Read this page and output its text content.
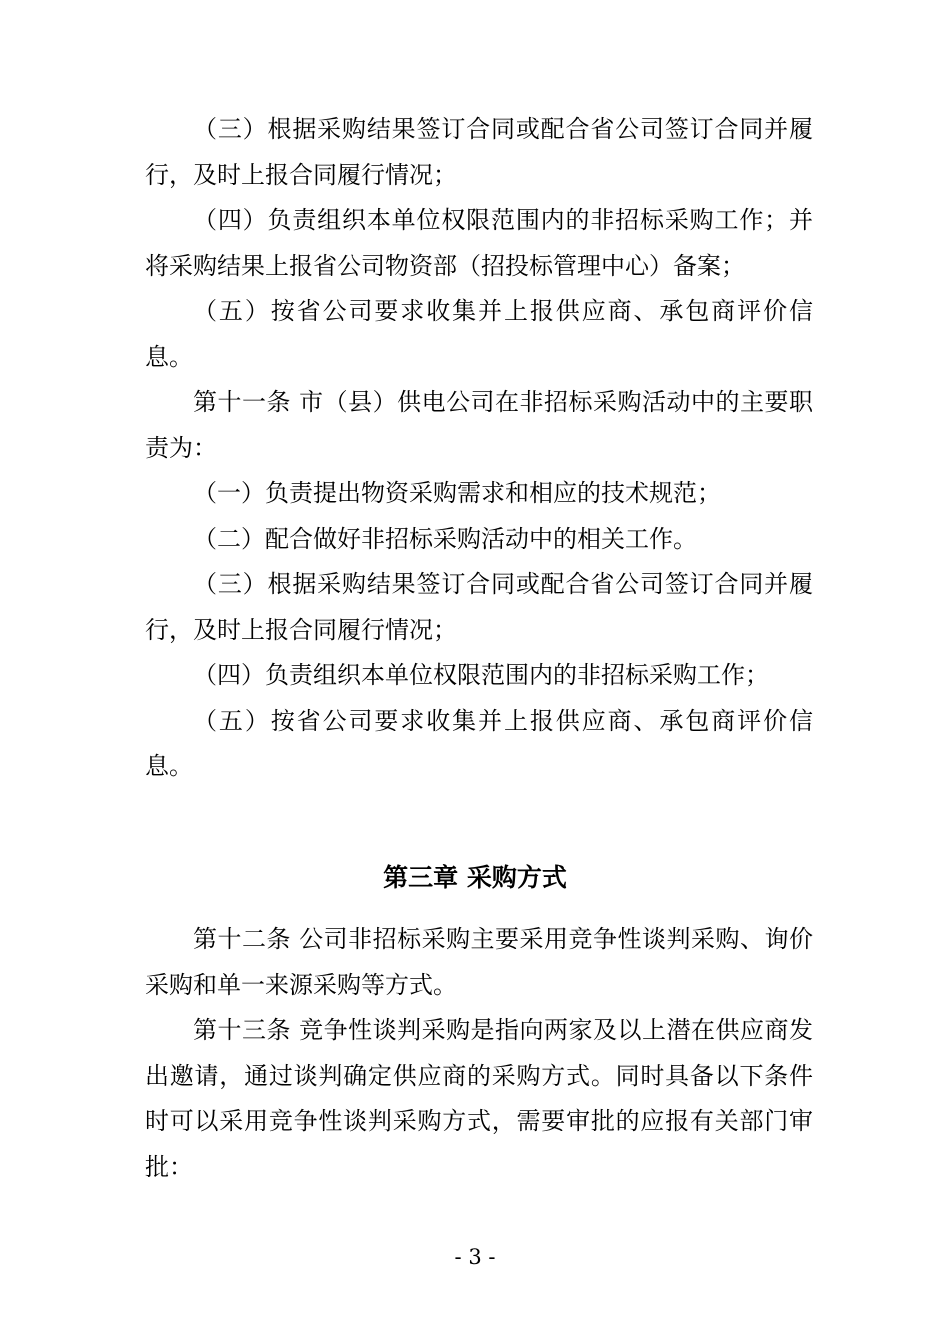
（三）根据采购结果签订合同或配合省公司签订合同并履行，及时上报合同履行情况；

（四）负责组织本单位权限范围内的非招标采购工作；并将采购结果上报省公司物资部（招投标管理中心）备案；

（五）按省公司要求收集并上报供应商、承包商评价信息。

第十一条 市（县）供电公司在非招标采购活动中的主要职责为：

（一）负责提出物资采购需求和相应的技术规范；

（二）配合做好非招标采购活动中的相关工作。

（三）根据采购结果签订合同或配合省公司签订合同并履行，及时上报合同履行情况；

（四）负责组织本单位权限范围内的非招标采购工作；

（五）按省公司要求收集并上报供应商、承包商评价信息。

第三章 采购方式

第十二条 公司非招标采购主要采用竞争性谈判采购、询价采购和单一来源采购等方式。

第十三条 竞争性谈判采购是指向两家及以上潜在供应商发出邀请，通过谈判确定供应商的采购方式。同时具备以下条件时可以采用竞争性谈判采购方式，需要审批的应报有关部门审批：

- 3 -
